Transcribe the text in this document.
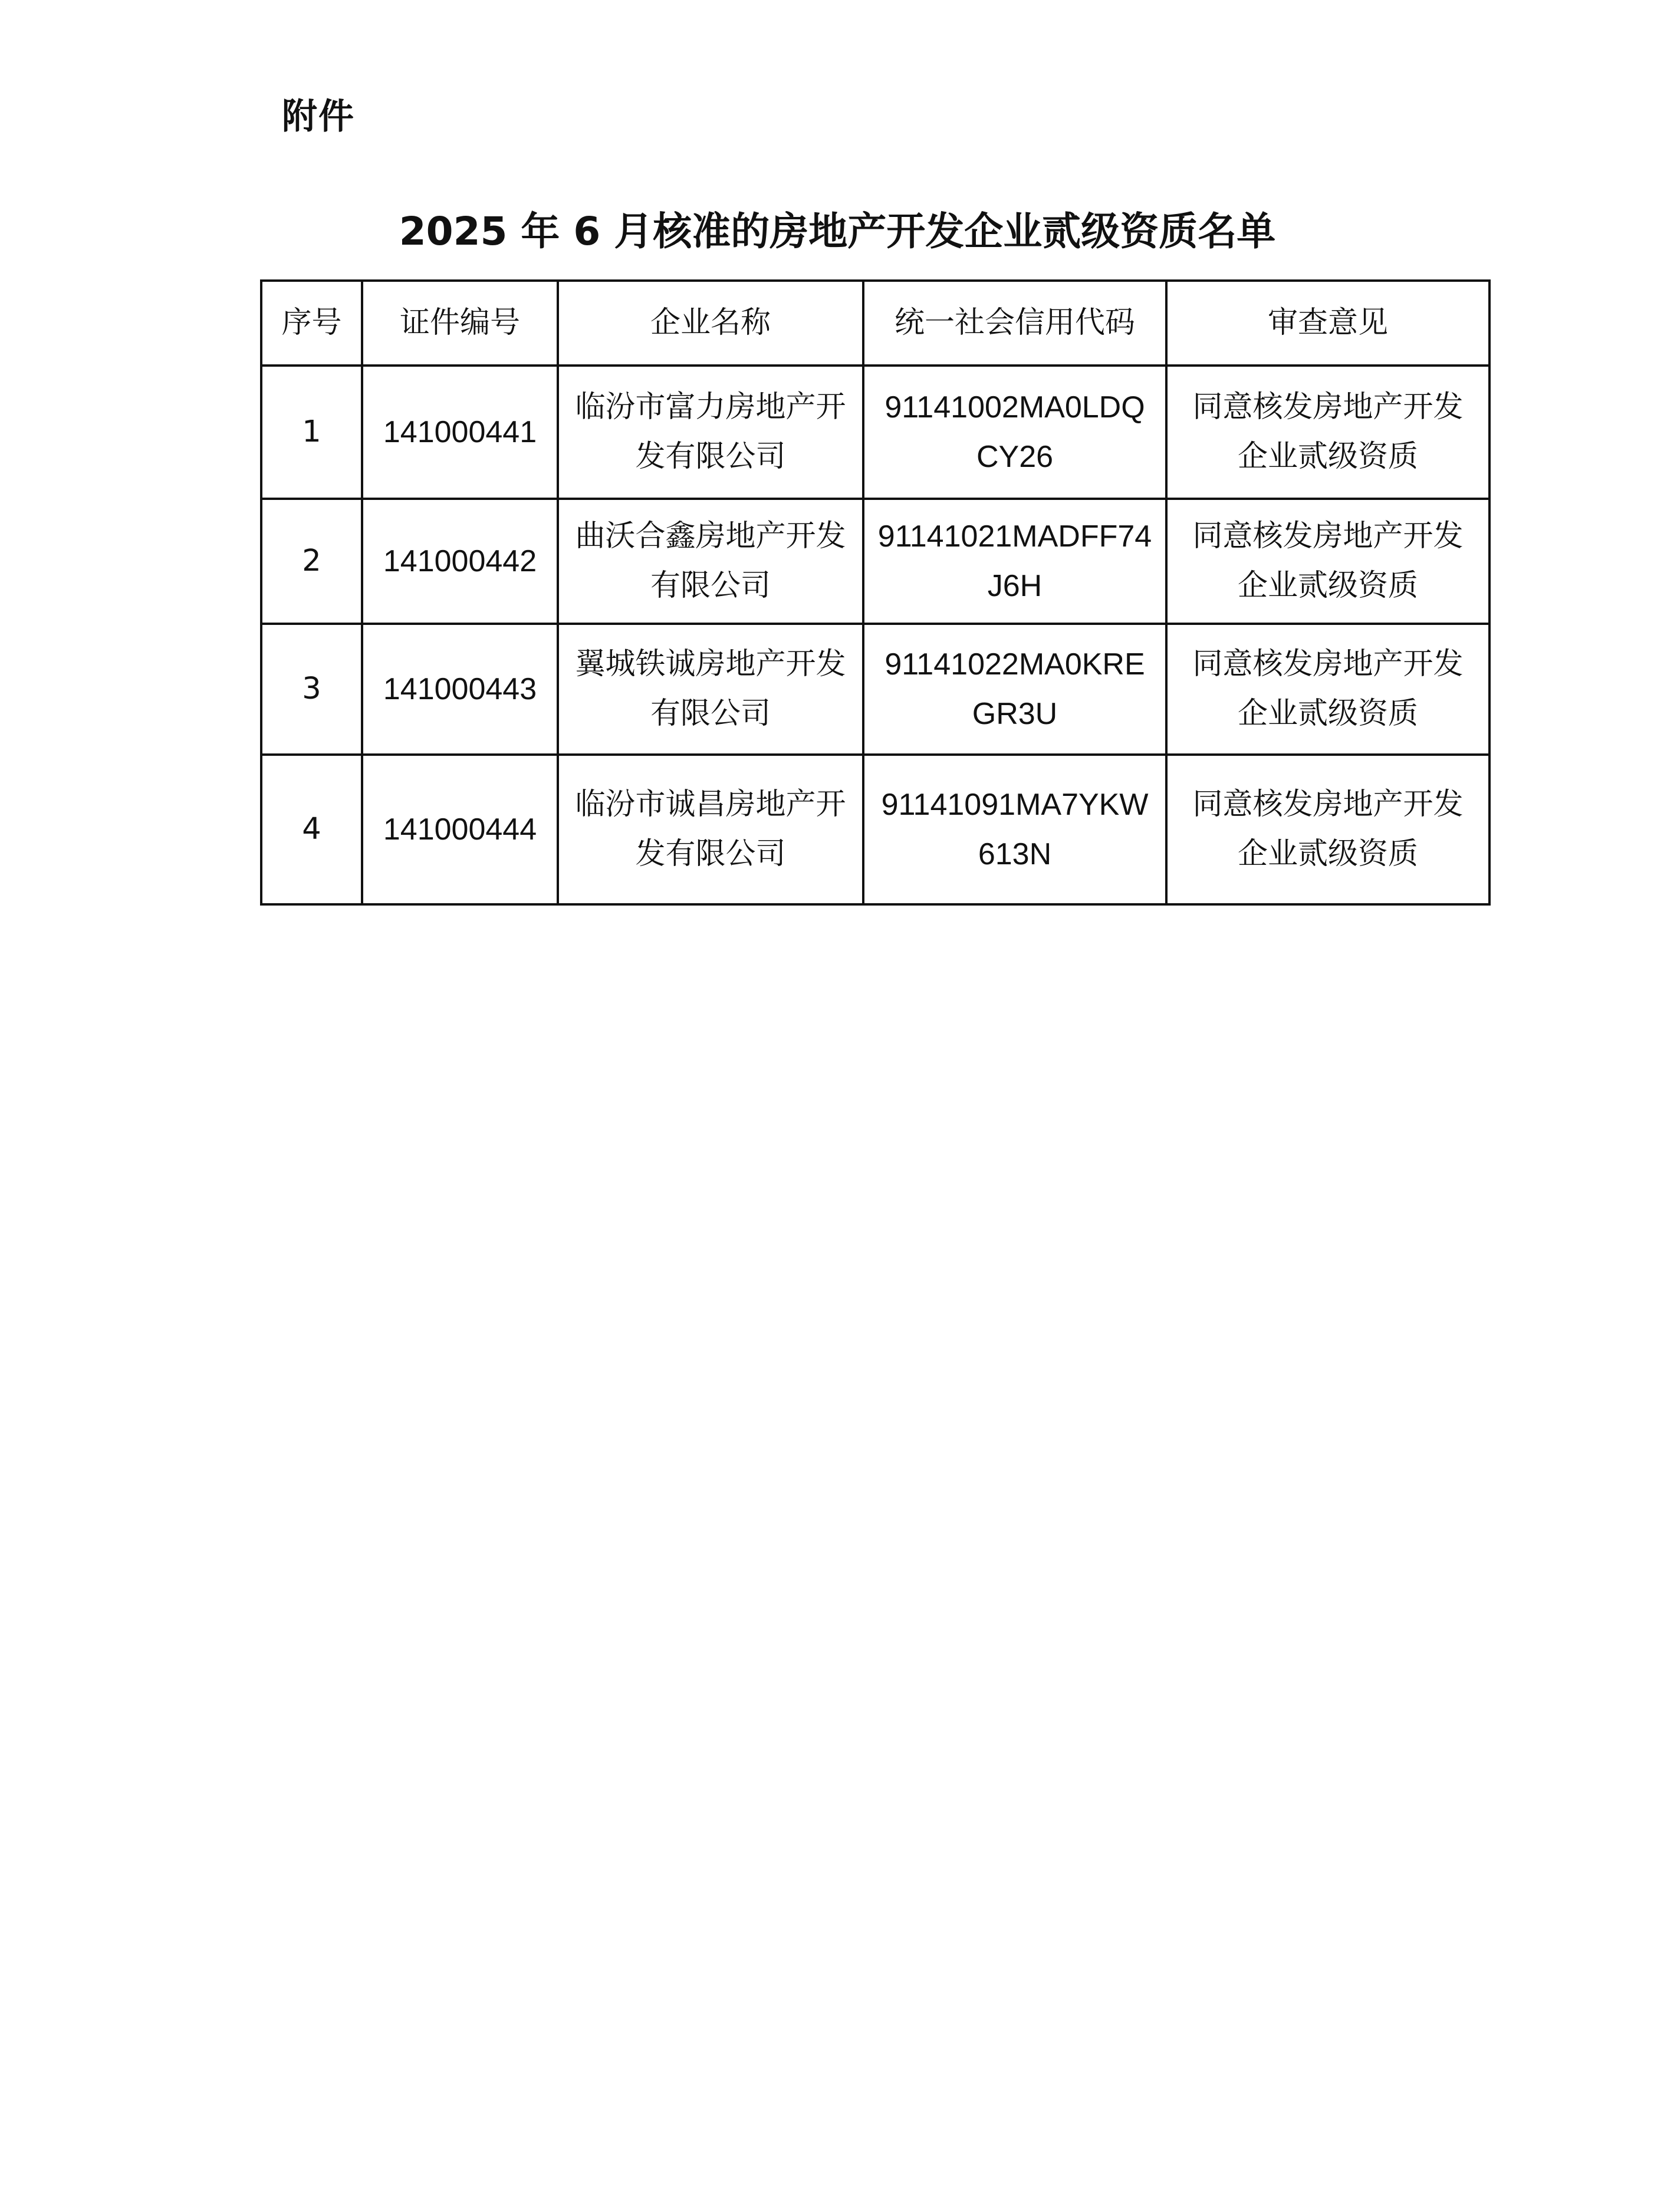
附件
2025 年 6 月核准的房地产开发企业贰级资质名单
序号	证件编号	企业名称	统一社会信用代码	审查意见
1	141000441	临汾市富力房地产开发有限公司	91141002MA0LDQCY26	同意核发房地产开发企业贰级资质

2	141000442	曲沃合鑫房地产开发有限公司	91141021MADFF74J6H	同意核发房地产开发企业贰级资质

3	141000443	翼城铁诚房地产开发有限公司	91141022MA0KREGR3U	同意核发房地产开发企业贰级资质

4	141000444	临汾市诚昌房地产开发有限公司	91141091MA7YKW613N	同意核发房地产开发企业贰级资质
